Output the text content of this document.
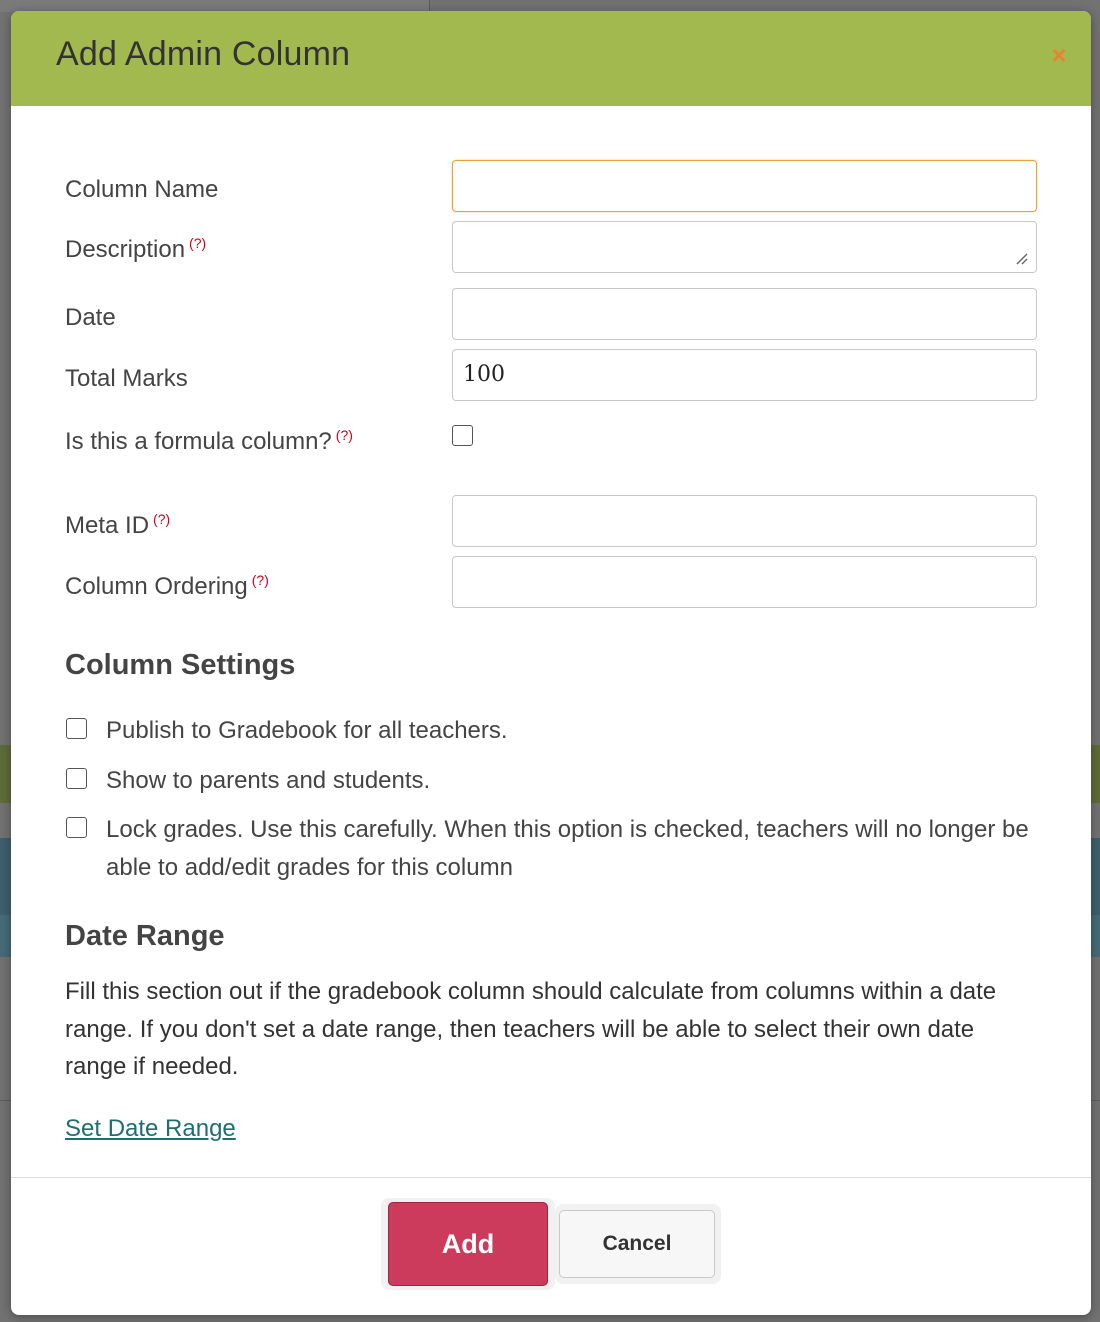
Add Admin Column	×
Column Name
Description (?)
Date
Total Marks	100
Is this a formula column? (?)
Meta ID (?)
Column Ordering (?)
Column Settings
Publish to Gradebook for all teachers.
Show to parents and students.
Lock grades. Use this carefully. When this option is checked, teachers will no longer be able to add/edit grades for this column
Date Range
Fill this section out if the gradebook column should calculate from columns within a date range. If you don't set a date range, then teachers will be able to select their own date range if needed.
Set Date Range
Add	Cancel
